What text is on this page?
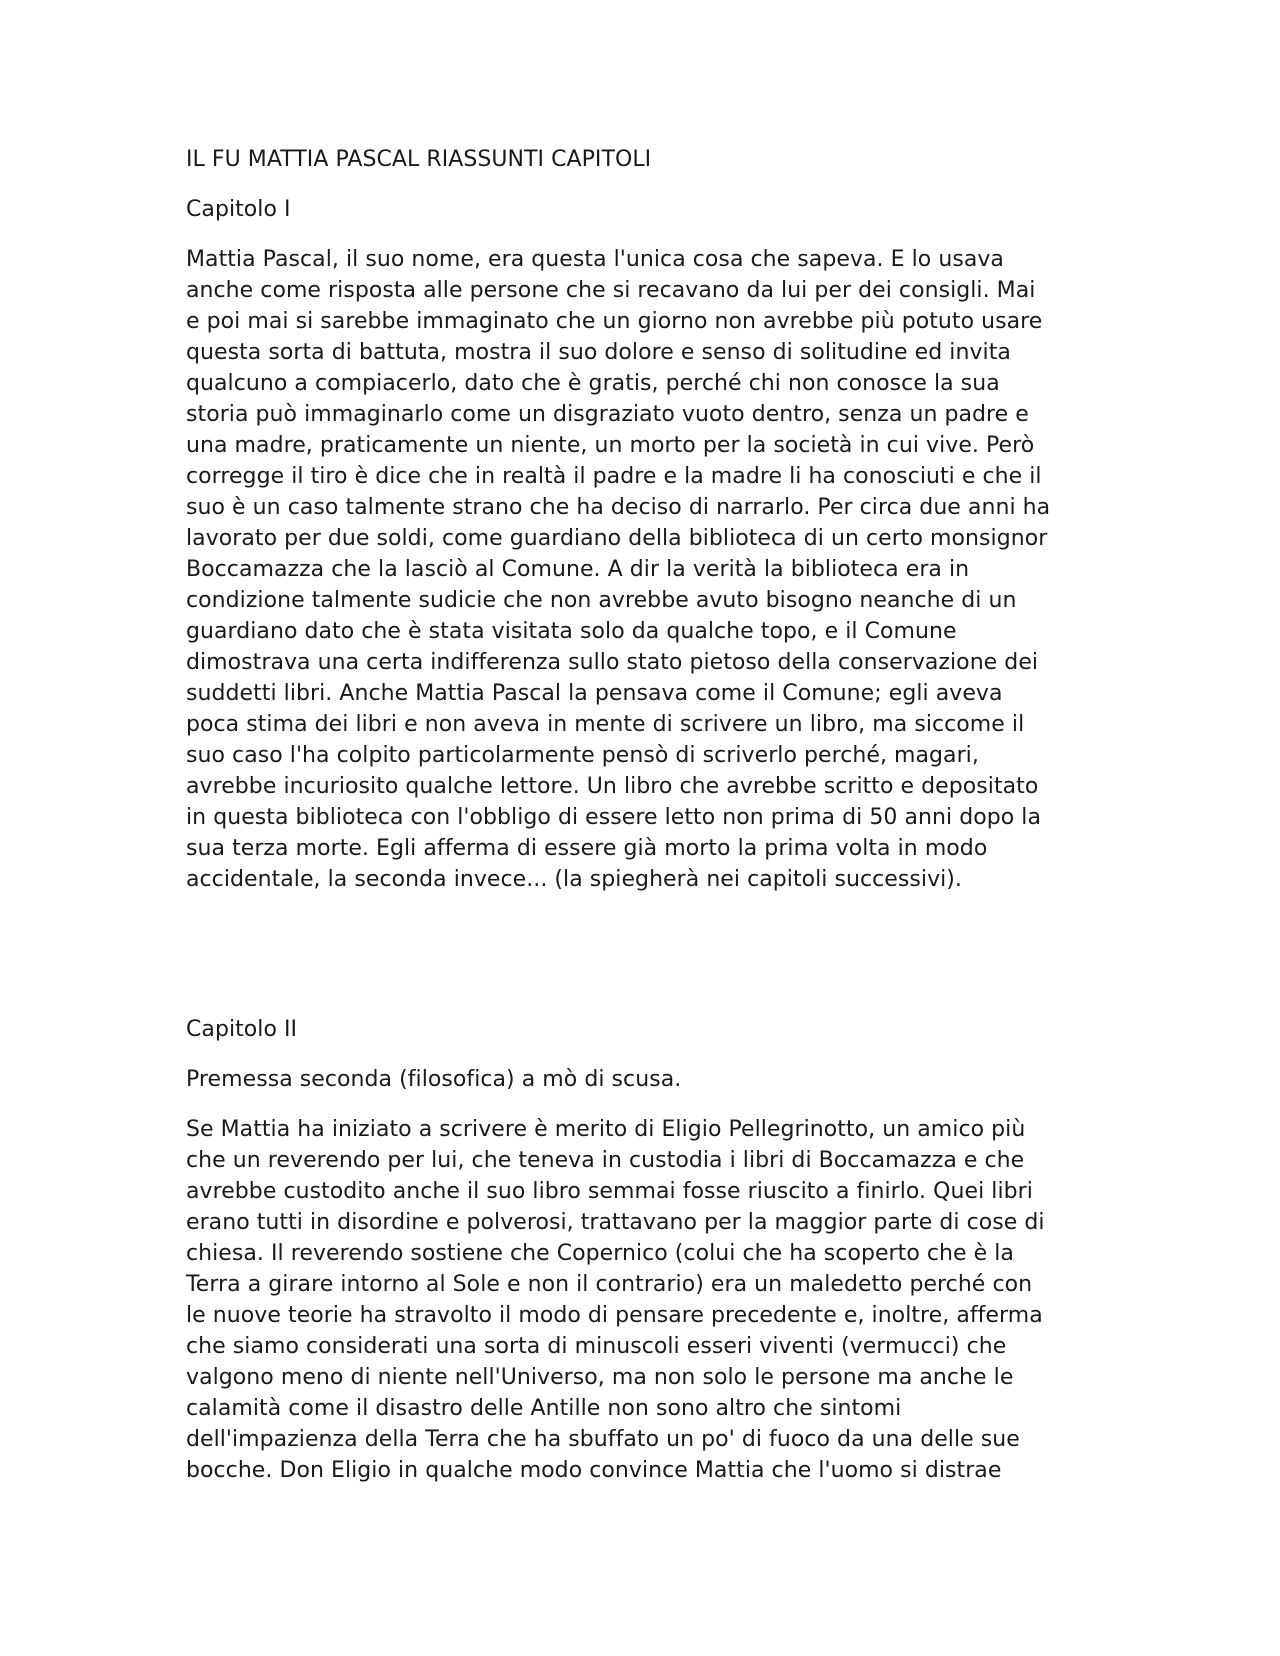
IL FU MATTIA PASCAL RIASSUNTI CAPITOLI
Capitolo I
Mattia Pascal, il suo nome, era questa l'unica cosa che sapeva. E lo usava
anche come risposta alle persone che si recavano da lui per dei consigli. Mai
e poi mai si sarebbe immaginato che un giorno non avrebbe più potuto usare
questa sorta di battuta, mostra il suo dolore e senso di solitudine ed invita
qualcuno a compiacerlo, dato che è gratis, perché chi non conosce la sua
storia può immaginarlo come un disgraziato vuoto dentro, senza un padre e
una madre, praticamente un niente, un morto per la società in cui vive. Però
corregge il tiro è dice che in realtà il padre e la madre li ha conosciuti e che il
suo è un caso talmente strano che ha deciso di narrarlo. Per circa due anni ha
lavorato per due soldi, come guardiano della biblioteca di un certo monsignor
Boccamazza che la lasciò al Comune. A dir la verità la biblioteca era in
condizione talmente sudicie che non avrebbe avuto bisogno neanche di un
guardiano dato che è stata visitata solo da qualche topo, e il Comune
dimostrava una certa indifferenza sullo stato pietoso della conservazione dei
suddetti libri. Anche Mattia Pascal la pensava come il Comune; egli aveva
poca stima dei libri e non aveva in mente di scrivere un libro, ma siccome il
suo caso l'ha colpito particolarmente pensò di scriverlo perché, magari,
avrebbe incuriosito qualche lettore. Un libro che avrebbe scritto e depositato
in questa biblioteca con l'obbligo di essere letto non prima di 50 anni dopo la
sua terza morte. Egli afferma di essere già morto la prima volta in modo
accidentale, la seconda invece... (la spiegherà nei capitoli successivi).
Capitolo II
Premessa seconda (filosofica) a mò di scusa.
Se Mattia ha iniziato a scrivere è merito di Eligio Pellegrinotto, un amico più
che un reverendo per lui, che teneva in custodia i libri di Boccamazza e che
avrebbe custodito anche il suo libro semmai fosse riuscito a finirlo. Quei libri
erano tutti in disordine e polverosi, trattavano per la maggior parte di cose di
chiesa. Il reverendo sostiene che Copernico (colui che ha scoperto che è la
Terra a girare intorno al Sole e non il contrario) era un maledetto perché con
le nuove teorie ha stravolto il modo di pensare precedente e, inoltre, afferma
che siamo considerati una sorta di minuscoli esseri viventi (vermucci) che
valgono meno di niente nell'Universo, ma non solo le persone ma anche le
calamità come il disastro delle Antille non sono altro che sintomi
dell'impazienza della Terra che ha sbuffato un po' di fuoco da una delle sue
bocche. Don Eligio in qualche modo convince Mattia che l'uomo si distrae
